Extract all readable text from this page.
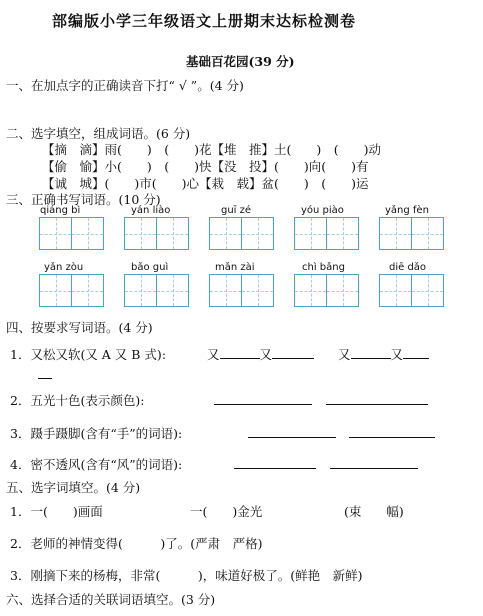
部编版小学三年级语文上册期末达标检测卷
基础百花园(39 分)
一、在加点字的正确读音下打“ √ ”。(4 分)
二、选字填空，组成词语。(6 分)
【摘　滴】雨(　　)　(　　)花【堆　推】土(　　)　(　　)动
【偷　愉】小(　　)　(　　)快【没　投】(　　)向(　　)有
【诚　城】(　　)市(　　)心【栽　载】盆(　　)　(　　)运
三、正确书写词语。(10 分)
qiáng bì	yán liào	guī zé	yóu piào	yǎng fèn
yǎn zòu	bǎo guì	mǎn zài	chì bǎng	diē dǎo
四、按要求写词语。(4 分)
1．又松又软(又 A 又 B 式):	又	又	又	又
2．五光十色(表示颜色):
3．蹑手蹑脚(含有“手”的词语):
4．密不透风(含有“风”的词语):
五、选字词填空。(4 分)
1．一(　　)画面	一(　　)金光	(束　　幅)
2．老师的神情变得(　　　)了。(严肃　严格)
3．刚摘下来的杨梅，非常(　　　)，味道好极了。(鲜艳　新鲜)
六、选择合适的关联词语填空。(3 分)
